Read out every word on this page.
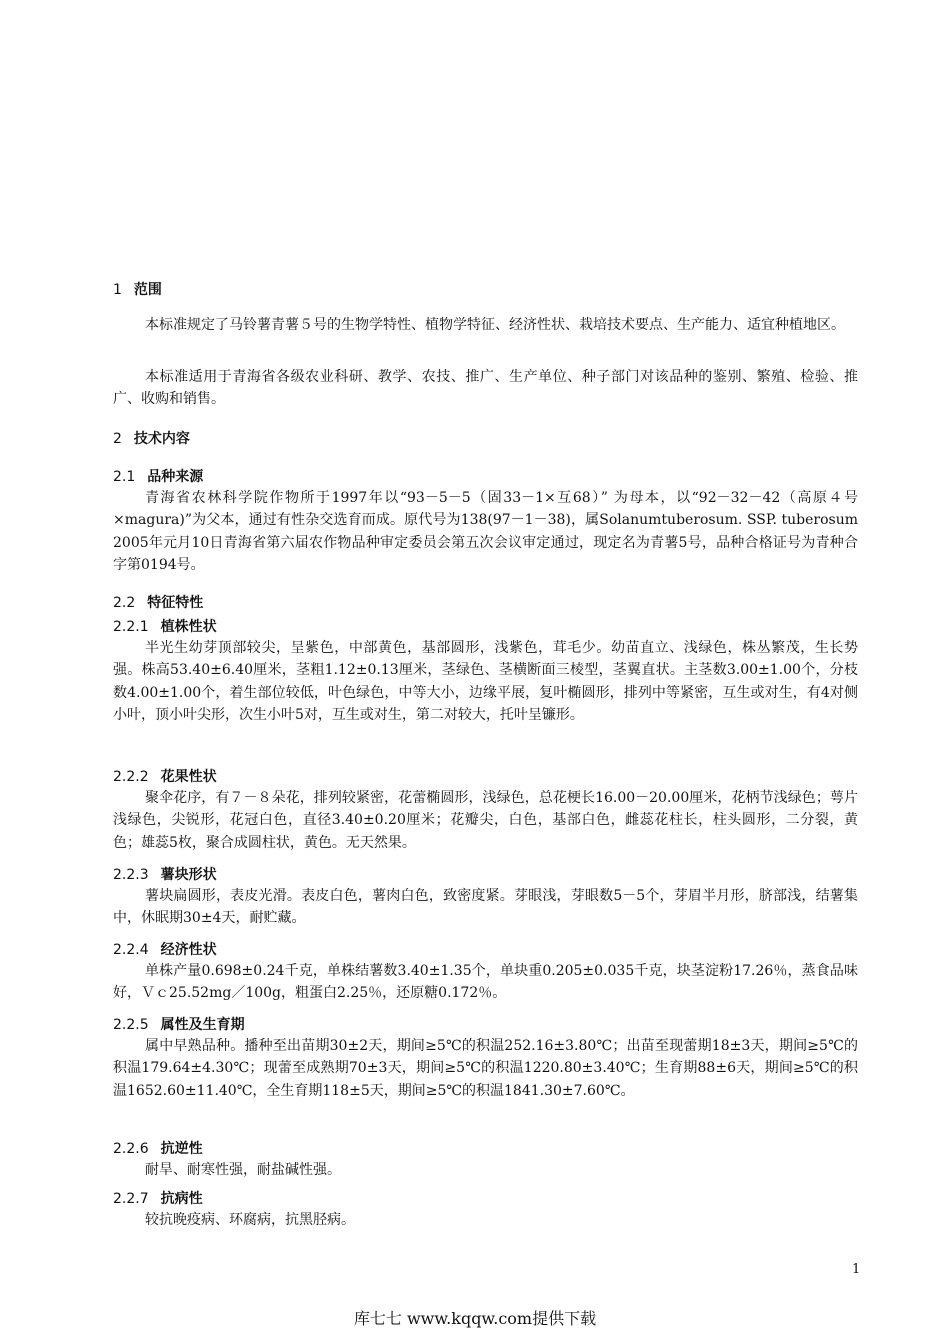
1 范围
本标准规定了马铃薯青薯５号的生物学特性、植物学特征、经济性状、栽培技术要点、生产能力、适宜种植地区。
本标准适用于青海省各级农业科研、教学、农技、推广、生产单位、种子部门对该品种的鉴别、繁殖、检验、推广、收购和销售。
2 技术内容
2.1 品种来源
青海省农林科学院作物所于1997年以“93－5－5（固33－1×互68）” 为母本，以“92－32－42（高原４号×magura)”为父本，通过有性杂交选育而成。原代号为138(97－1－38)，属Solanumtuberosum. SSP. tuberosum 2005年元月10日青海省第六届农作物品种审定委员会第五次会议审定通过，现定名为青薯5号，品种合格证号为青种合字第0194号。
2.2 特征特性
2.2.1 植株性状
半光生幼芽顶部较尖，呈紫色，中部黄色，基部圆形，浅紫色，茸毛少。幼苗直立、浅绿色，株丛繁茂，生长势强。株高53.40±6.40厘米，茎粗1.12±0.13厘米，茎绿色、茎横断面三棱型，茎翼直状。主茎数3.00±1.00个，分枝数4.00±1.00个，着生部位较低，叶色绿色，中等大小，边缘平展，复叶椭圆形，排列中等紧密，互生或对生，有4对侧小叶，顶小叶尖形，次生小叶5对，互生或对生，第二对较大，托叶呈镰形。
2.2.2 花果性状
聚伞花序，有７－８朵花，排列较紧密，花蕾椭圆形，浅绿色，总花梗长16.00－20.00厘米，花柄节浅绿色；萼片浅绿色，尖锐形，花冠白色，直径3.40±0.20厘米；花瓣尖，白色，基部白色，雌蕊花柱长，柱头圆形，二分裂，黄色；雄蕊5枚，聚合成圆柱状，黄色。无天然果。
2.2.3 薯块形状
薯块扁圆形，表皮光滑。表皮白色，薯肉白色，致密度紧。芽眼浅，芽眼数5－5个，芽眉半月形，脐部浅，结薯集中，休眠期30±4天，耐贮藏。
2.2.4 经济性状
单株产量0.698±0.24千克，单株结薯数3.40±1.35个，单块重0.205±0.035千克，块茎淀粉17.26％，蒸食品味好，Ｖｃ25.52mg／100g，粗蛋白2.25％，还原糖0.172％。
2.2.5 属性及生育期
属中早熟品种。播种至出苗期30±2天，期间≥5℃的积温252.16±3.80℃；出苗至现蕾期18±3天，期间≥5℃的积温179.64±4.30℃；现蕾至成熟期70±3天，期间≥5℃的积温1220.80±3.40℃；生育期88±6天，期间≥5℃的积温1652.60±11.40℃，全生育期118±5天，期间≥5℃的积温1841.30±7.60℃。
2.2.6 抗逆性
耐旱、耐寒性强，耐盐碱性强。
2.2.7 抗病性
较抗晚疫病、环腐病，抗黑胫病。
1
库七七 www.kqqw.com提供下载
